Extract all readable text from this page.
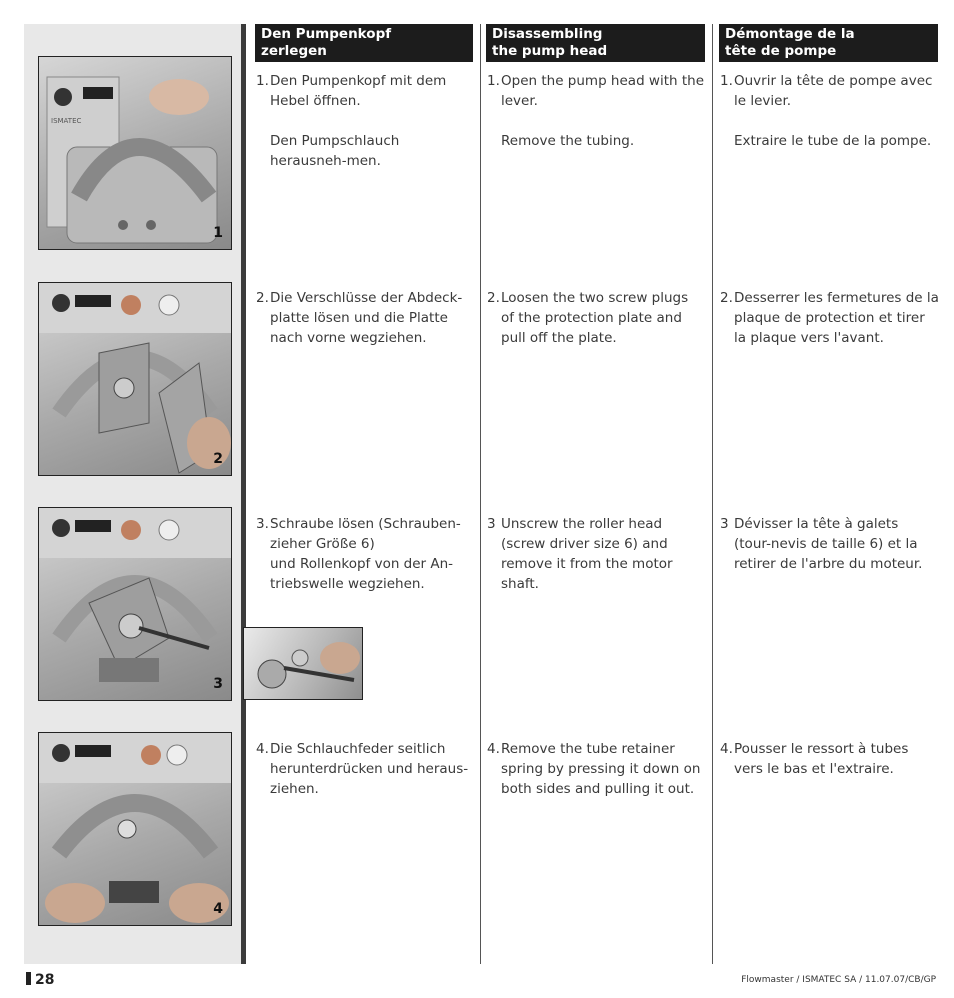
ISMATEC
1
2
3
4
Den Pumpenkopf
zerlegen
Disassembling
the pump head
Démontage de la
tête de pompe
1. Den Pumpenkopf mit dem Hebel öffnen.
Den Pumpschlauch herausneh-men.
2. Die Verschlüsse der Abdeck-platte lösen und die Platte nach vorne wegziehen.
3. Schraube lösen (Schrauben-zieher Größe 6)
und Rollenkopf von der An-triebswelle wegziehen.
4. Die Schlauchfeder seitlich herunterdrücken und heraus-ziehen.
1. Open the pump head with the lever.
Remove the tubing.
2. Loosen the two screw plugs of the protection plate and pull off the plate.
3 Unscrew the roller head (screw driver size 6) and remove it from the motor shaft.
4. Remove the tube retainer spring by pressing it down on both sides and pulling it out.
1. Ouvrir la tête de pompe avec le levier.
Extraire le tube de la pompe.
2. Desserrer les fermetures de la plaque de protection et tirer la plaque vers l'avant.
3 Dévisser la tête à galets (tour-nevis de taille 6) et la retirer de l'arbre du moteur.
4. Pousser le ressort à tubes vers le bas et l'extraire.
28	Flowmaster / ISMATEC SA / 11.07.07/CB/GP
